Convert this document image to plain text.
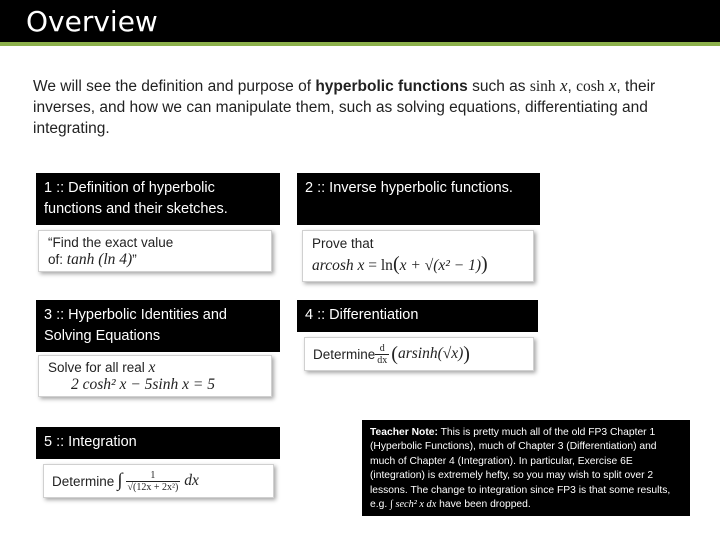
Overview
We will see the definition and purpose of hyperbolic functions such as sinh x, cosh x, their inverses, and how we can manipulate them, such as solving equations, differentiating and integrating.
1 :: Definition of hyperbolic functions and their sketches.
“Find the exact value
of: tanh (ln 4)”
2 :: Inverse hyperbolic functions.
Prove that
arcosh x = ln(x + √(x² − 1))
3 :: Hyperbolic Identities and Solving Equations
Solve for all real x
2 cosh² x − 5sinh x = 5
4 :: Differentiation
Determine $\frac{d}{dx}$ ( arsinh(√x) )
5 :: Integration
Determine ∫ $\frac{1}{\text{√(12x + 2x²)}}$ dx
Teacher Note: This is pretty much all of the old FP3 Chapter 1 (Hyperbolic Functions), much of Chapter 3 (Differentiation) and much of Chapter 4 (Integration). In particular, Exercise 6E (integration) is extremely hefty, so you may wish to split over 2 lessons. The change to integration since FP3 is that some results, e.g. ∫ sech² x dx have been dropped.
